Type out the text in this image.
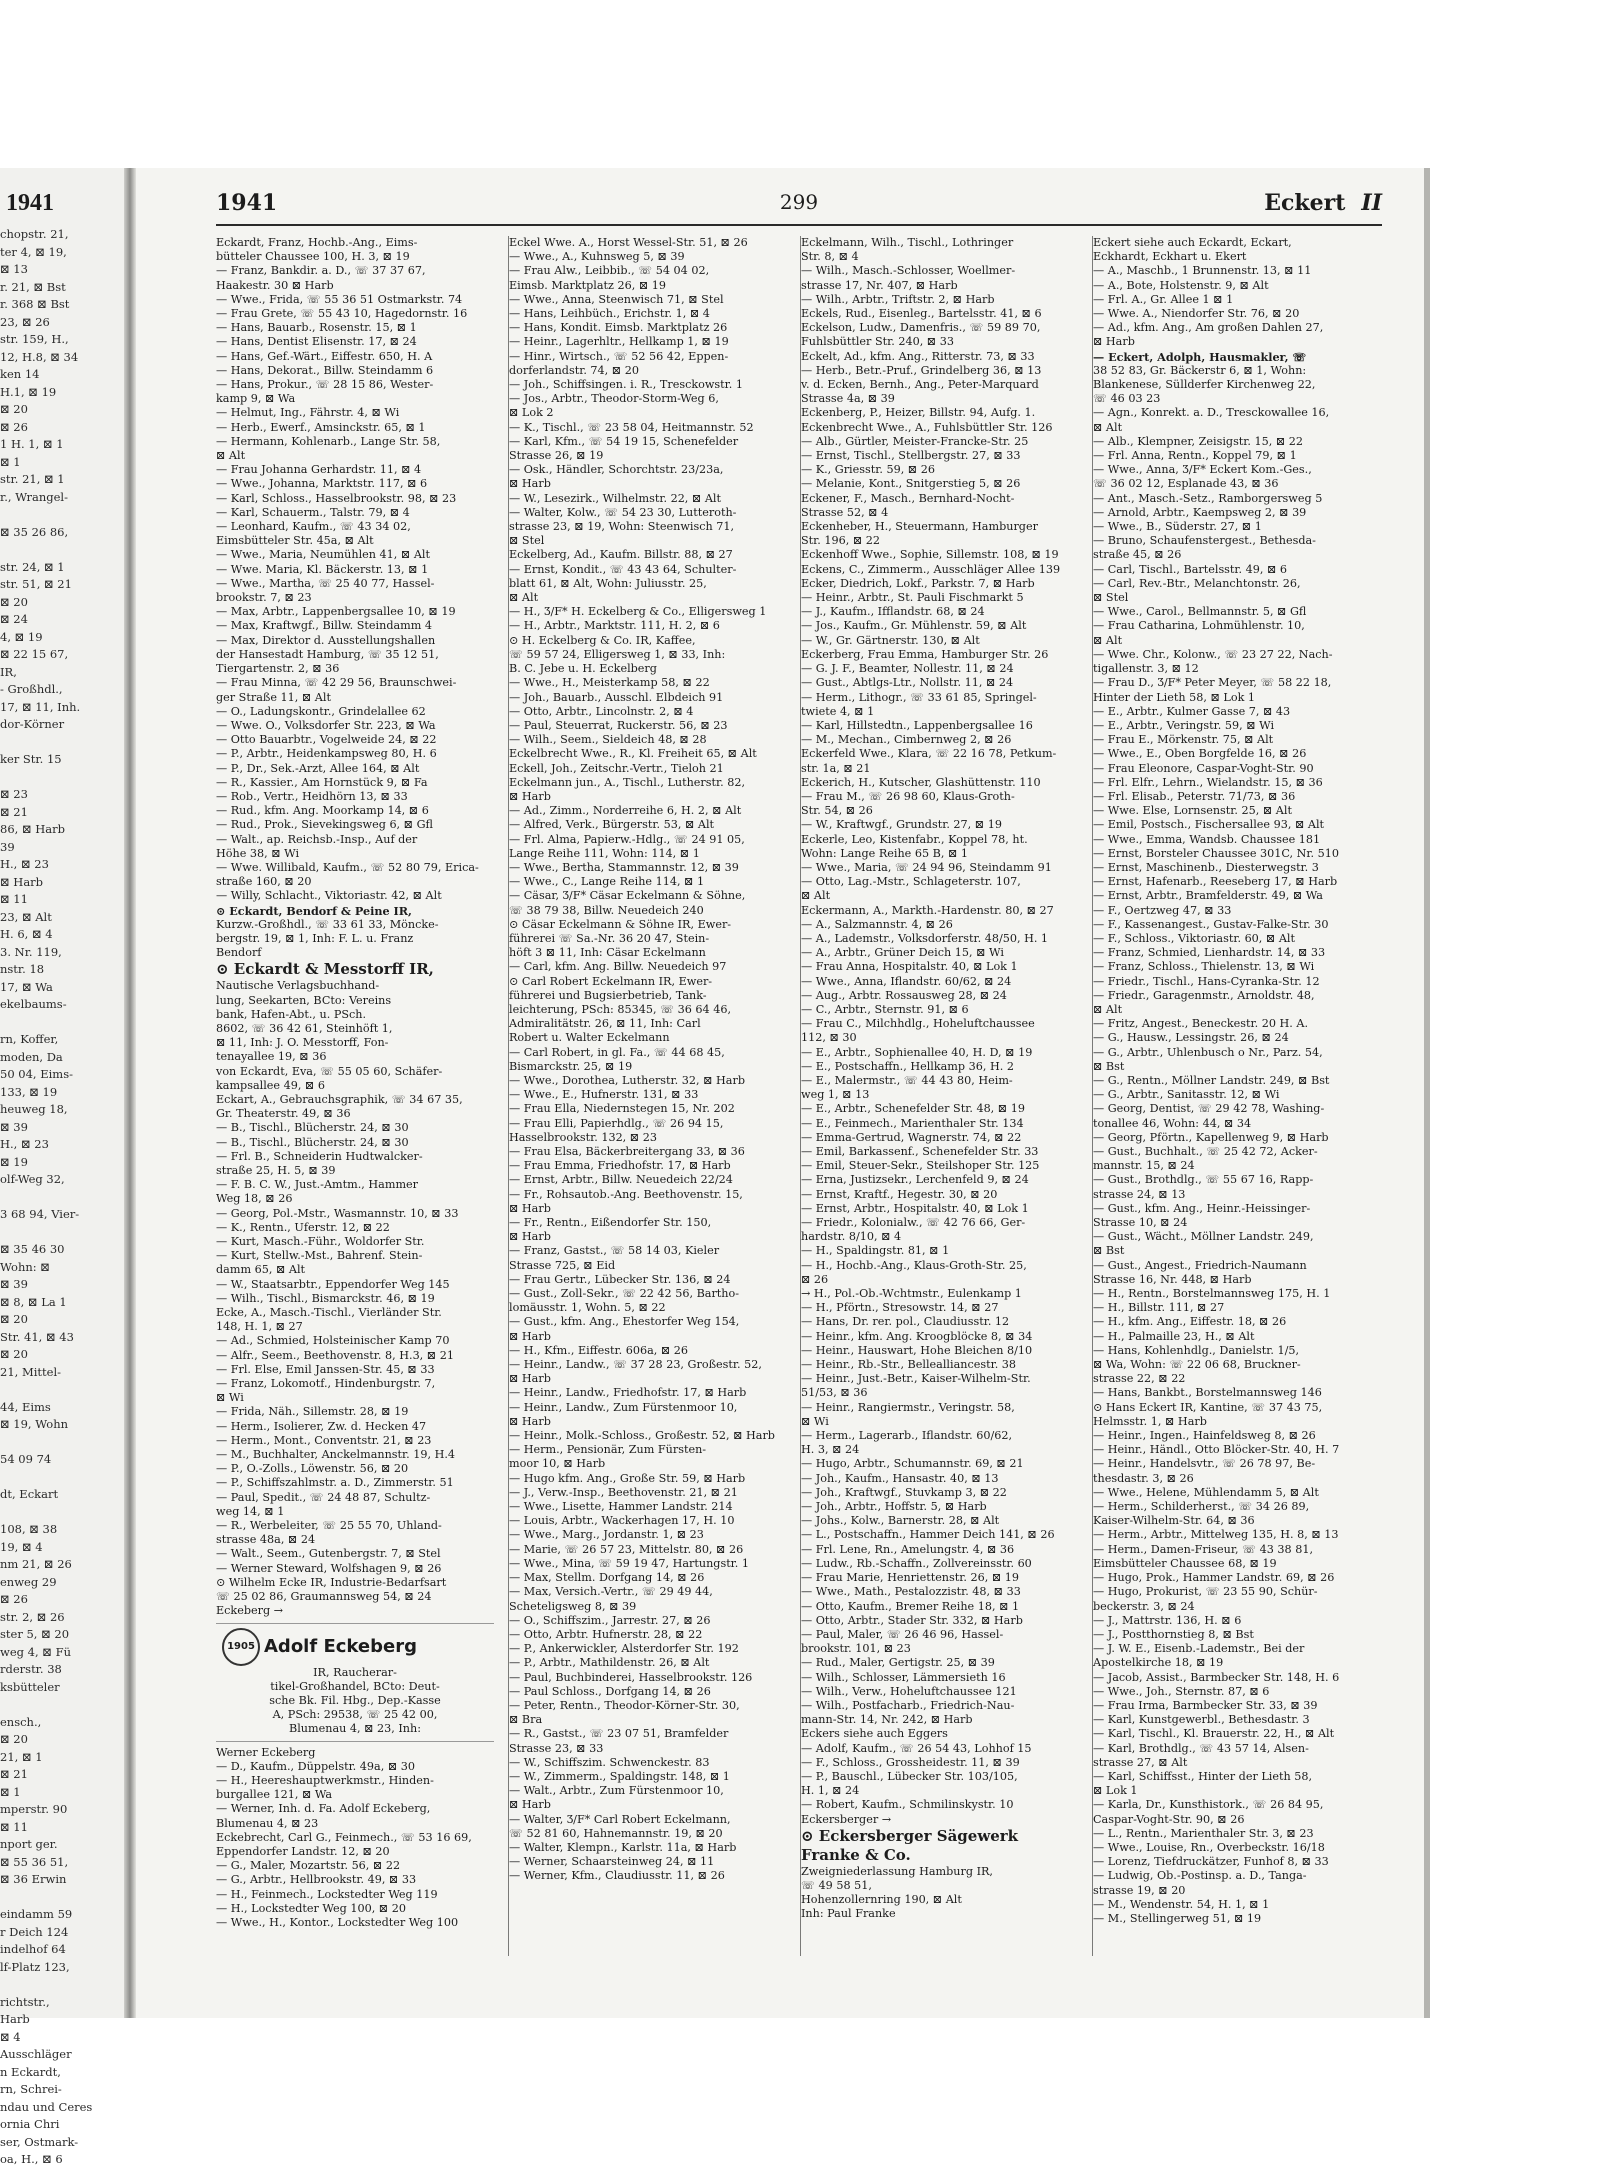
1941
chopstr. 21,
ter 4, ⊠ 19,
⊠ 13
r. 21, ⊠ Bst
r. 368 ⊠ Bst
23, ⊠ 26
str. 159, H.,
12, H.8, ⊠ 34
ken 14
H.1, ⊠ 19
⊠ 20
⊠ 26
1 H. 1, ⊠ 1
⊠ 1
str. 21, ⊠ 1
r., Wrangel-
⊠ 35 26 86,
str. 24, ⊠ 1
str. 51, ⊠ 21
⊠ 20
⊠ 24
4, ⊠ 19
⊠ 22 15 67,
IR,
- Großhdl.,
17, ⊠ 11, Inh.
dor-Körner
ker Str. 15
⊠ 23
⊠ 21
86, ⊠ Harb
39
H., ⊠ 23
⊠ Harb
⊠ 11
23, ⊠ Alt
H. 6, ⊠ 4
3. Nr. 119,
nstr. 18
17, ⊠ Wa
ekelbaums-
rn, Koffer,
moden, Da
50 04, Eims-
133, ⊠ 19
heuweg 18,
⊠ 39
H., ⊠ 23
⊠ 19
olf-Weg 32,
3 68 94, Vier-
⊠ 35 46 30
Wohn: ⊠
⊠ 39
⊠ 8, ⊠ La 1
⊠ 20
Str. 41, ⊠ 43
⊠ 20
21, Mittel-
44, Eims
⊠ 19, Wohn
54 09 74
dt, Eckart
108, ⊠ 38
19, ⊠ 4
nm 21, ⊠ 26
enweg 29
⊠ 26
str. 2, ⊠ 26
ster 5, ⊠ 20
weg 4, ⊠ Fü
rderstr. 38
ksbütteler
ensch.,
⊠ 20
21, ⊠ 1
⊠ 21
⊠ 1
mperstr. 90
⊠ 11
nport ger.
⊠ 55 36 51,
⊠ 36 Erwin
eindamm 59
r Deich 124
indelhof 64
lf-Platz 123,
richtstr.,
Harb
⊠ 4
Ausschläger
n Eckardt,
rn, Schrei-
ndau und Ceres
ornia Chri
ser, Ostmark-
oa, H., ⊠ 6
1941	299	Eckert II
Eckardt, Franz, Hochb.-Ang., Eims-
bütteler Chaussee 100, H. 3, ⊠ 19
— Franz, Bankdir. a. D., ☏ 37 37 67,
Haakestr. 30 ⊠ Harb
— Wwe., Frida, ☏ 55 36 51 Ostmarkstr. 74
— Frau Grete, ☏ 55 43 10, Hagedornstr. 16
— Hans, Bauarb., Rosenstr. 15, ⊠ 1
— Hans, Dentist Elisenstr. 17, ⊠ 24
— Hans, Gef.-Wärt., Eiffestr. 650, H. A
— Hans, Dekorat., Billw. Steindamm 6
— Hans, Prokur., ☏ 28 15 86, Wester-
kamp 9, ⊠ Wa
— Helmut, Ing., Fährstr. 4, ⊠ Wi
— Herb., Ewerf., Amsinckstr. 65, ⊠ 1
— Hermann, Kohlenarb., Lange Str. 58,
⊠ Alt
— Frau Johanna Gerhardstr. 11, ⊠ 4
— Wwe., Johanna, Marktstr. 117, ⊠ 6
— Karl, Schloss., Hasselbrookstr. 98, ⊠ 23
— Karl, Schauerm., Talstr. 79, ⊠ 4
— Leonhard, Kaufm., ☏ 43 34 02,
Eimsbütteler Str. 45a, ⊠ Alt
— Wwe., Maria, Neumühlen 41, ⊠ Alt
— Wwe. Maria, Kl. Bäckerstr. 13, ⊠ 1
— Wwe., Martha, ☏ 25 40 77, Hassel-
brookstr. 7, ⊠ 23
— Max, Arbtr., Lappenbergsallee 10, ⊠ 19
— Max, Kraftwgf., Billw. Steindamm 4
— Max, Direktor d. Ausstellungshallen
der Hansestadt Hamburg, ☏ 35 12 51,
Tiergartenstr. 2, ⊠ 36
— Frau Minna, ☏ 42 29 56, Braunschwei-
ger Straße 11, ⊠ Alt
— O., Ladungskontr., Grindelallee 62
— Wwe. O., Volksdorfer Str. 223, ⊠ Wa
— Otto Bauarbtr., Vogelweide 24, ⊠ 22
— P., Arbtr., Heidenkampsweg 80, H. 6
— P., Dr., Sek.-Arzt, Allee 164, ⊠ Alt
— R., Kassier., Am Hornstück 9, ⊠ Fa
— Rob., Vertr., Heidhörn 13, ⊠ 33
— Rud., kfm. Ang. Moorkamp 14, ⊠ 6
— Rud., Prok., Sievekingsweg 6, ⊠ Gfl
— Walt., ap. Reichsb.-Insp., Auf der
Höhe 38, ⊠ Wi
— Wwe. Willibald, Kaufm., ☏ 52 80 79, Erica-
straße 160, ⊠ 20
— Willy, Schlacht., Viktoriastr. 42, ⊠ Alt
⊙ Eckardt, Bendorf & Peine IR,
Kurzw.-Großhdl., ☏ 33 61 33, Mönckе-
bergstr. 19, ⊠ 1, Inh: F. L. u. Franz
Bendorf
⊙ Eckardt & Messtorff IR,
Nautische Verlagsbuchhand-
lung, Seekarten, BCto: Vereins
bank, Hafen-Abt., u. PSch.
8602, ☏ 36 42 61, Steinhöft 1,
⊠ 11, Inh: J. O. Messtorff, Fon-
tenayallee 19, ⊠ 36
von Eckardt, Eva, ☏ 55 05 60, Schäfer-
kampsallee 49, ⊠ 6
Eckart, A., Gebrauchsgraphik, ☏ 34 67 35,
Gr. Theaterstr. 49, ⊠ 36
— B., Tischl., Blücherstr. 24, ⊠ 30
— B., Tischl., Blücherstr. 24, ⊠ 30
— Frl. B., Schneiderin Hudtwalcker-
straße 25, H. 5, ⊠ 39
— F. B. C. W., Just.-Amtm., Hammer
Weg 18, ⊠ 26
— Georg, Pol.-Mstr., Wasmannstr. 10, ⊠ 33
— K., Rentn., Uferstr. 12, ⊠ 22
— Kurt, Masch.-Führ., Woldorfer Str.
— Kurt, Stellw.-Mst., Bahrenf. Stein-
damm 65, ⊠ Alt
— W., Staatsarbtr., Eppendorfer Weg 145
— Wilh., Tischl., Bismarckstr. 46, ⊠ 19
Ecke, A., Masch.-Tischl., Vierländer Str.
148, H. 1, ⊠ 27
— Ad., Schmied, Holsteinischer Kamp 70
— Alfr., Seem., Beethovenstr. 8, H.3, ⊠ 21
— Frl. Else, Emil Janssen-Str. 45, ⊠ 33
— Franz, Lokomotf., Hindenburgstr. 7,
⊠ Wi
— Frida, Näh., Sillemstr. 28, ⊠ 19
— Herm., Isolierer, Zw. d. Hecken 47
— Herm., Mont., Conventstr. 21, ⊠ 23
— M., Buchhalter, Anckelmannstr. 19, H.4
— P., O.-Zolls., Löwenstr. 56, ⊠ 20
— P., Schiffszahlmstr. a. D., Zimmerstr. 51
— Paul, Spedit., ☏ 24 48 87, Schultz-
weg 14, ⊠ 1
— R., Werbeleiter, ☏ 25 55 70, Uhland-
strasse 48a, ⊠ 24
— Walt., Seem., Gutenbergstr. 7, ⊠ Stel
— Werner Steward, Wolfshagen 9, ⊠ 26
⊙ Wilhelm Ecke IR, Industrie-Bedarfsart
☏ 25 02 86, Graumannsweg 54, ⊠ 24
Eckeberg →
1905 Adolf Eckeberg
IR, Raucherar-
tikel-Großhandel, BCto: Deut-
sche Bk. Fil. Hbg., Dep.-Kasse
A, PSch: 29538, ☏ 25 42 00,
Blumenau 4, ⊠ 23, Inh:
Werner Eckeberg
— D., Kaufm., Düppelstr. 49a, ⊠ 30
— H., Heereshauptwerkmstr., Hinden-
burgallee 121, ⊠ Wa
— Werner, Inh. d. Fa. Adolf Eckeberg,
Blumenau 4, ⊠ 23
Eckebrecht, Carl G., Feinmech., ☏ 53 16 69,
Eppendorfer Landstr. 12, ⊠ 20
— G., Maler, Mozartstr. 56, ⊠ 22
— G., Arbtr., Hellbrookstr. 49, ⊠ 33
— H., Feinmech., Lockstedter Weg 119
— H., Lockstedter Weg 100, ⊠ 20
— Wwe., H., Kontor., Lockstedter Weg 100
Eckel Wwe. A., Horst Wessel-Str. 51, ⊠ 26
— Wwe., A., Kuhnsweg 5, ⊠ 39
— Frau Alw., Leibbib., ☏ 54 04 02,
Eimsb. Marktplatz 26, ⊠ 19
— Wwe., Anna, Steenwisch 71, ⊠ Stel
— Hans, Leihbüch., Erichstr. 1, ⊠ 4
— Hans, Kondit. Eimsb. Marktplatz 26
— Heinr., Lagerhltr., Hellkamp 1, ⊠ 19
— Hinr., Wirtsch., ☏ 52 56 42, Eppen-
dorferlandstr. 74, ⊠ 20
— Joh., Schiffsingen. i. R., Tresckowstr. 1
— Jos., Arbtr., Theodor-Storm-Weg 6,
⊠ Lok 2
— K., Tischl., ☏ 23 58 04, Heitmannstr. 52
— Karl, Kfm., ☏ 54 19 15, Schenefelder
Strasse 26, ⊠ 19
— Osk., Händler, Schorchtstr. 23/23a,
⊠ Harb
— W., Lesezirk., Wilhelmstr. 22, ⊠ Alt
— Walter, Kolw., ☏ 54 23 30, Lutteroth-
strasse 23, ⊠ 19, Wohn: Steenwisch 71,
⊠ Stel
Eckelberg, Ad., Kaufm. Billstr. 88, ⊠ 27
— Ernst, Kondit., ☏ 43 43 64, Schulter-
blatt 61, ⊠ Alt, Wohn: Juliusstr. 25,
⊠ Alt
— H., Ʒ/F* H. Eckelberg & Co., Elligersweg 1
— H., Arbtr., Marktstr. 111, H. 2, ⊠ 6
⊙ H. Eckelberg & Co. IR, Kaffee,
☏ 59 57 24, Elligersweg 1, ⊠ 33, Inh:
B. C. Jebe u. H. Eckelberg
— Wwe., H., Meisterkamp 58, ⊠ 22
— Joh., Bauarb., Ausschl. Elbdeich 91
— Otto, Arbtr., Lincolnstr. 2, ⊠ 4
— Paul, Steuerrat, Ruckerstr. 56, ⊠ 23
— Wilh., Seem., Sieldeich 48, ⊠ 28
Eckelbrecht Wwe., R., Kl. Freiheit 65, ⊠ Alt
Eckell, Joh., Zeitschr.-Vertr., Tieloh 21
Eckelmann jun., A., Tischl., Lutherstr. 82,
⊠ Harb
— Ad., Zimm., Norderreihe 6, H. 2, ⊠ Alt
— Alfred, Verk., Bürgerstr. 53, ⊠ Alt
— Frl. Alma, Papierw.-Hdlg., ☏ 24 91 05,
Lange Reihe 111, Wohn: 114, ⊠ 1
— Wwe., Bertha, Stammannstr. 12, ⊠ 39
— Wwe., C., Lange Reihe 114, ⊠ 1
— Cäsar, Ʒ/F* Cäsar Eckelmann & Söhne,
☏ 38 79 38, Billw. Neuedeich 240
⊙ Cäsar Eckelmann & Söhne IR, Ewer-
führerei ☏ Sa.-Nr. 36 20 47, Stein-
höft 3 ⊠ 11, Inh: Cäsar Eckelmann
— Carl, kfm. Ang. Billw. Neuedeich 97
⊙ Carl Robert Eckelmann IR, Ewer-
führerei und Bugsierbetrieb, Tank-
leichterung, PSch: 85345, ☏ 36 64 46,
Admiralitätstr. 26, ⊠ 11, Inh: Carl
Robert u. Walter Eckelmann
— Carl Robert, in gl. Fa., ☏ 44 68 45,
Bismarckstr. 25, ⊠ 19
— Wwe., Dorothea, Lutherstr. 32, ⊠ Harb
— Wwe., E., Hufnerstr. 131, ⊠ 33
— Frau Ella, Niedernstegen 15, Nr. 202
— Frau Elli, Papierhdlg., ☏ 26 94 15,
Hasselbrookstr. 132, ⊠ 23
— Frau Elsa, Bäckerbreitergang 33, ⊠ 36
— Frau Emma, Friedhofstr. 17, ⊠ Harb
— Ernst, Arbtr., Billw. Neuedeich 22/24
— Fr., Rohsautob.-Ang. Beethovenstr. 15,
⊠ Harb
— Fr., Rentn., Eißendorfer Str. 150,
⊠ Harb
— Franz, Gastst., ☏ 58 14 03, Kieler
Strasse 725, ⊠ Eid
— Frau Gertr., Lübecker Str. 136, ⊠ 24
— Gust., Zoll-Sekr., ☏ 22 42 56, Bartho-
lomäusstr. 1, Wohn. 5, ⊠ 22
— Gust., kfm. Ang., Ehestorfer Weg 154,
⊠ Harb
— H., Kfm., Eiffestr. 606a, ⊠ 26
— Heinr., Landw., ☏ 37 28 23, Großestr. 52,
⊠ Harb
— Heinr., Landw., Friedhofstr. 17, ⊠ Harb
— Heinr., Landw., Zum Fürstenmoor 10,
⊠ Harb
— Heinr., Molk.-Schloss., Großestr. 52, ⊠ Harb
— Herm., Pensionär, Zum Fürsten-
moor 10, ⊠ Harb
— Hugo kfm. Ang., Große Str. 59, ⊠ Harb
— J., Verw.-Insp., Beethovenstr. 21, ⊠ 21
— Wwe., Lisette, Hammer Landstr. 214
— Louis, Arbtr., Wackerhagen 17, H. 10
— Wwe., Marg., Jordanstr. 1, ⊠ 23
— Marie, ☏ 26 57 23, Mittelstr. 80, ⊠ 26
— Wwe., Mina, ☏ 59 19 47, Hartungstr. 1
— Max, Stellm. Dorfgang 14, ⊠ 26
— Max, Versich.-Vertr., ☏ 29 49 44,
Scheteligsweg 8, ⊠ 39
— O., Schiffszim., Jarrestr. 27, ⊠ 26
— Otto, Arbtr. Hufnerstr. 28, ⊠ 22
— P., Ankerwickler, Alsterdorfer Str. 192
— P., Arbtr., Mathildenstr. 26, ⊠ Alt
— Paul, Buchbinderei, Hasselbrookstr. 126
— Paul Schloss., Dorfgang 14, ⊠ 26
— Peter, Rentn., Theodor-Körner-Str. 30,
⊠ Bra
— R., Gastst., ☏ 23 07 51, Bramfelder
Strasse 23, ⊠ 33
— W., Schiffszim. Schwenckestr. 83
— W., Zimmerm., Spaldingstr. 148, ⊠ 1
— Walt., Arbtr., Zum Fürstenmoor 10,
⊠ Harb
— Walter, Ʒ/F* Carl Robert Eckelmann,
☏ 52 81 60, Hahnemannstr. 19, ⊠ 20
— Walter, Klempn., Karlstr. 11a, ⊠ Harb
— Werner, Schaarsteinweg 24, ⊠ 11
— Werner, Kfm., Claudiusstr. 11, ⊠ 26
Eckelmann, Wilh., Tischl., Lothringer
Str. 8, ⊠ 4
— Wilh., Masch.-Schlosser, Woellmer-
strasse 17, Nr. 407, ⊠ Harb
— Wilh., Arbtr., Triftstr. 2, ⊠ Harb
Eckels, Rud., Eisenleg., Bartelsstr. 41, ⊠ 6
Eckelson, Ludw., Damenfris., ☏ 59 89 70,
Fuhlsbüttler Str. 240, ⊠ 33
Eckelt, Ad., kfm. Ang., Ritterstr. 73, ⊠ 33
— Herb., Betr.-Pruf., Grindelberg 36, ⊠ 13
v. d. Ecken, Bernh., Ang., Peter-Marquard
Strasse 4a, ⊠ 39
Eckenberg, P., Heizer, Billstr. 94, Aufg. 1.
Eckenbrecht Wwe., A., Fuhlsbüttler Str. 126
— Alb., Gürtler, Meister-Francke-Str. 25
— Ernst, Tischl., Stellbergstr. 27, ⊠ 33
— K., Griesstr. 59, ⊠ 26
— Melanie, Kont., Snitgerstieg 5, ⊠ 26
Eckener, F., Masch., Bernhard-Nocht-
Strasse 52, ⊠ 4
Eckenheber, H., Steuermann, Hamburger
Str. 196, ⊠ 22
Eckenhoff Wwe., Sophie, Sillemstr. 108, ⊠ 19
Eckens, C., Zimmerm., Ausschläger Allee 139
Ecker, Diedrich, Lokf., Parkstr. 7, ⊠ Harb
— Heinr., Arbtr., St. Pauli Fischmarkt 5
— J., Kaufm., Ifflandstr. 68, ⊠ 24
— Jos., Kaufm., Gr. Mühlenstr. 59, ⊠ Alt
— W., Gr. Gärtnerstr. 130, ⊠ Alt
Eckerberg, Frau Emma, Hamburger Str. 26
— G. J. F., Beamter, Nollestr. 11, ⊠ 24
— Gust., Abtlgs-Ltr., Nollstr. 11, ⊠ 24
— Herm., Lithogr., ☏ 33 61 85, Springel-
twiete 4, ⊠ 1
— Karl, Hillstedtn., Lappenbergsallee 16
— M., Mechan., Cimbernweg 2, ⊠ 26
Eckerfeld Wwe., Klara, ☏ 22 16 78, Petkum-
str. 1a, ⊠ 21
Eckerich, H., Kutscher, Glashüttenstr. 110
— Frau M., ☏ 26 98 60, Klaus-Groth-
Str. 54, ⊠ 26
— W., Kraftwgf., Grundstr. 27, ⊠ 19
Eckerle, Leo, Kistenfabr., Koppel 78, ht.
Wohn: Lange Reihe 65 B, ⊠ 1
— Wwe., Maria, ☏ 24 94 96, Steindamm 91
— Otto, Lag.-Mstr., Schlageterstr. 107,
⊠ Alt
Eckermann, A., Markth.-Hardenstr. 80, ⊠ 27
— A., Salzmannstr. 4, ⊠ 26
— A., Lademstr., Volksdorferstr. 48/50, H. 1
— A., Arbtr., Grüner Deich 15, ⊠ Wi
— Frau Anna, Hospitalstr. 40, ⊠ Lok 1
— Wwe., Anna, Iflandstr. 60/62, ⊠ 24
— Aug., Arbtr. Rossausweg 28, ⊠ 24
— C., Arbtr., Sternstr. 91, ⊠ 6
— Frau C., Milchhdlg., Hoheluftchaussee
112, ⊠ 30
— E., Arbtr., Sophienallee 40, H. D, ⊠ 19
— E., Postschaffn., Hellkamp 36, H. 2
— E., Malermstr., ☏ 44 43 80, Heim-
weg 1, ⊠ 13
— E., Arbtr., Schenefelder Str. 48, ⊠ 19
— E., Feinmech., Marienthaler Str. 134
— Emma-Gertrud, Wagnerstr. 74, ⊠ 22
— Emil, Barkassenf., Schenefelder Str. 33
— Emil, Steuer-Sekr., Steilshoper Str. 125
— Erna, Justizsekr., Lerchenfeld 9, ⊠ 24
— Ernst, Kraftf., Hegestr. 30, ⊠ 20
— Ernst, Arbtr., Hospitalstr. 40, ⊠ Lok 1
— Friedr., Kolonialw., ☏ 42 76 66, Ger-
hardstr. 8/10, ⊠ 4
— H., Spaldingstr. 81, ⊠ 1
— H., Hochb.-Ang., Klaus-Groth-Str. 25,
⊠ 26
→ H., Pol.-Ob.-Wchtmstr., Eulenkamp 1
— H., Pförtn., Stresowstr. 14, ⊠ 27
— Hans, Dr. rer. pol., Claudiusstr. 12
— Heinr., kfm. Ang. Kroogblöcke 8, ⊠ 34
— Heinr., Hauswart, Hohe Bleichen 8/10
— Heinr., Rb.-Str., Bellealliancestr. 38
— Heinr., Just.-Betr., Kaiser-Wilhelm-Str.
51/53, ⊠ 36
— Heinr., Rangiermstr., Veringstr. 58,
⊠ Wi
— Herm., Lagerarb., Iflandstr. 60/62,
H. 3, ⊠ 24
— Hugo, Arbtr., Schumannstr. 69, ⊠ 21
— Joh., Kaufm., Hansastr. 40, ⊠ 13
— Joh., Kraftwgf., Stuvkamp 3, ⊠ 22
— Joh., Arbtr., Hoffstr. 5, ⊠ Harb
— Johs., Kolw., Barnerstr. 28, ⊠ Alt
— L., Postschaffn., Hammer Deich 141, ⊠ 26
— Frl. Lene, Rn., Amelungstr. 4, ⊠ 36
— Ludw., Rb.-Schaffn., Zollvereinsstr. 60
— Frau Marie, Henriettenstr. 26, ⊠ 19
— Wwe., Math., Pestalozzistr. 48, ⊠ 33
— Otto, Kaufm., Bremer Reihe 18, ⊠ 1
— Otto, Arbtr., Stader Str. 332, ⊠ Harb
— Paul, Maler, ☏ 26 46 96, Hassel-
brookstr. 101, ⊠ 23
— Rud., Maler, Gertigstr. 25, ⊠ 39
— Wilh., Schlosser, Lämmersieth 16
— Wilh., Verw., Hoheluftchaussee 121
— Wilh., Postfacharb., Friedrich-Nau-
mann-Str. 14, Nr. 242, ⊠ Harb
Eckers siehe auch Eggers
— Adolf, Kaufm., ☏ 26 54 43, Lohhof 15
— F., Schloss., Grossheidestr. 11, ⊠ 39
— P., Bauschl., Lübecker Str. 103/105,
H. 1, ⊠ 24
— Robert, Kaufm., Schmilinskystr. 10
Eckersberger →
⊙ Eckersberger Sägewerk
Franke & Co.
Zweigniederlassung Hamburg IR,
☏ 49 58 51,
Hohenzollernring 190, ⊠ Alt
Inh: Paul Franke
Eckert siehe auch Eckardt, Eckart,
Eckhardt, Eckhart u. Ekert
— A., Maschb., 1 Brunnenstr. 13, ⊠ 11
— A., Bote, Holstenstr. 9, ⊠ Alt
— Frl. A., Gr. Allee 1 ⊠ 1
— Wwe. A., Niendorfer Str. 76, ⊠ 20
— Ad., kfm. Ang., Am großen Dahlen 27,
⊠ Harb
— Eckert, Adolph, Hausmakler, ☏
38 52 83, Gr. Bäckerstr 6, ⊠ 1, Wohn:
Blankenese, Süllderfer Kirchenweg 22,
☏ 46 03 23
— Agn., Konrekt. a. D., Tresckowallee 16,
⊠ Alt
— Alb., Klempner, Zeisigstr. 15, ⊠ 22
— Frl. Anna, Rentn., Koppel 79, ⊠ 1
— Wwe., Anna, Ʒ/F* Eckert Kom.-Ges.,
☏ 36 02 12, Esplanade 43, ⊠ 36
— Ant., Masch.-Setz., Ramborgersweg 5
— Arnold, Arbtr., Kaempsweg 2, ⊠ 39
— Wwe., B., Süderstr. 27, ⊠ 1
— Bruno, Schaufenstergest., Bethesda-
straße 45, ⊠ 26
— Carl, Tischl., Bartelsstr. 49, ⊠ 6
— Carl, Rev.-Btr., Melanchtonstr. 26,
⊠ Stel
— Wwe., Carol., Bellmannstr. 5, ⊠ Gfl
— Frau Catharina, Lohmühlenstr. 10,
⊠ Alt
— Wwe. Chr., Kolonw., ☏ 23 27 22, Nach-
tigallenstr. 3, ⊠ 12
— Frau D., Ʒ/F* Peter Meyer, ☏ 58 22 18,
Hinter der Lieth 58, ⊠ Lok 1
— E., Arbtr., Kulmer Gasse 7, ⊠ 43
— E., Arbtr., Veringstr. 59, ⊠ Wi
— Frau E., Mörkenstr. 75, ⊠ Alt
— Wwe., E., Oben Borgfelde 16, ⊠ 26
— Frau Eleonore, Caspar-Voght-Str. 90
— Frl. Elfr., Lehrn., Wielandstr. 15, ⊠ 36
— Frl. Elisab., Peterstr. 71/73, ⊠ 36
— Wwe. Else, Lornsenstr. 25, ⊠ Alt
— Emil, Postsch., Fischersallee 93, ⊠ Alt
— Wwe., Emma, Wandsb. Chaussee 181
— Ernst, Borsteler Chaussee 301C, Nr. 510
— Ernst, Maschinenb., Diesterwegstr. 3
— Ernst, Hafenarb., Reeseberg 17, ⊠ Harb
— Ernst, Arbtr., Bramfelderstr. 49, ⊠ Wa
— F., Oertzweg 47, ⊠ 33
— F., Kassenangest., Gustav-Falke-Str. 30
— F., Schloss., Viktoriastr. 60, ⊠ Alt
— Franz, Schmied, Lienhardstr. 14, ⊠ 33
— Franz, Schloss., Thielenstr. 13, ⊠ Wi
— Friedr., Tischl., Hans-Cyranka-Str. 12
— Friedr., Garagenmstr., Arnoldstr. 48,
⊠ Alt
— Fritz, Angest., Beneckestr. 20 H. A.
— G., Hausw., Lessingstr. 26, ⊠ 24
— G., Arbtr., Uhlenbusch o Nr., Parz. 54,
⊠ Bst
— G., Rentn., Möllner Landstr. 249, ⊠ Bst
— G., Arbtr., Sanitasstr. 12, ⊠ Wi
— Georg, Dentist, ☏ 29 42 78, Washing-
tonallee 46, Wohn: 44, ⊠ 34
— Georg, Pförtn., Kapellenweg 9, ⊠ Harb
— Gust., Buchhalt., ☏ 25 42 72, Acker-
mannstr. 15, ⊠ 24
— Gust., Brothdlg., ☏ 55 67 16, Rapp-
strasse 24, ⊠ 13
— Gust., kfm. Ang., Heinr.-Heissinger-
Strasse 10, ⊠ 24
— Gust., Wächt., Möllner Landstr. 249,
⊠ Bst
— Gust., Angest., Friedrich-Naumann
Strasse 16, Nr. 448, ⊠ Harb
— H., Rentn., Borstelmannsweg 175, H. 1
— H., Billstr. 111, ⊠ 27
— H., kfm. Ang., Eiffestr. 18, ⊠ 26
— H., Palmaille 23, H., ⊠ Alt
— Hans, Kohlenhdlg., Danielstr. 1/5,
⊠ Wa, Wohn: ☏ 22 06 68, Bruckner-
strasse 22, ⊠ 22
— Hans, Bankbt., Borstelmannsweg 146
⊙ Hans Eckert IR, Kantine, ☏ 37 43 75,
Helmsstr. 1, ⊠ Harb
— Heinr., Ingen., Hainfeldsweg 8, ⊠ 26
— Heinr., Händl., Otto Blöcker-Str. 40, H. 7
— Heinr., Handelsvtr., ☏ 26 78 97, Be-
thesdastr. 3, ⊠ 26
— Wwe., Helene, Mühlendamm 5, ⊠ Alt
— Herm., Schilderherst., ☏ 34 26 89,
Kaiser-Wilhelm-Str. 64, ⊠ 36
— Herm., Arbtr., Mittelweg 135, H. 8, ⊠ 13
— Herm., Damen-Friseur, ☏ 43 38 81,
Eimsbütteler Chaussee 68, ⊠ 19
— Hugo, Prok., Hammer Landstr. 69, ⊠ 26
— Hugo, Prokurist, ☏ 23 55 90, Schür-
beckerstr. 3, ⊠ 24
— J., Mattrstr. 136, H. ⊠ 6
— J., Postthornstieg 8, ⊠ Bst
— J. W. E., Eisenb.-Lademstr., Bei der
Apostelkirche 18, ⊠ 19
— Jacob, Assist., Barmbecker Str. 148, H. 6
— Wwe., Joh., Sternstr. 87, ⊠ 6
— Frau Irma, Barmbecker Str. 33, ⊠ 39
— Karl, Kunstgewerbl., Bethesdastr. 3
— Karl, Tischl., Kl. Brauerstr. 22, H., ⊠ Alt
— Karl, Brothdlg., ☏ 43 57 14, Alsen-
strasse 27, ⊠ Alt
— Karl, Schiffsst., Hinter der Lieth 58,
⊠ Lok 1
— Karla, Dr., Kunsthistork., ☏ 26 84 95,
Caspar-Voght-Str. 90, ⊠ 26
— L., Rentn., Marienthaler Str. 3, ⊠ 23
— Wwe., Louise, Rn., Overbeckstr. 16/18
— Lorenz, Tiefdruckätzer, Funhof 8, ⊠ 33
— Ludwig, Ob.-Postinsp. a. D., Tanga-
strasse 19, ⊠ 20
— M., Wendenstr. 54, H. 1, ⊠ 1
— M., Stellingerweg 51, ⊠ 19
